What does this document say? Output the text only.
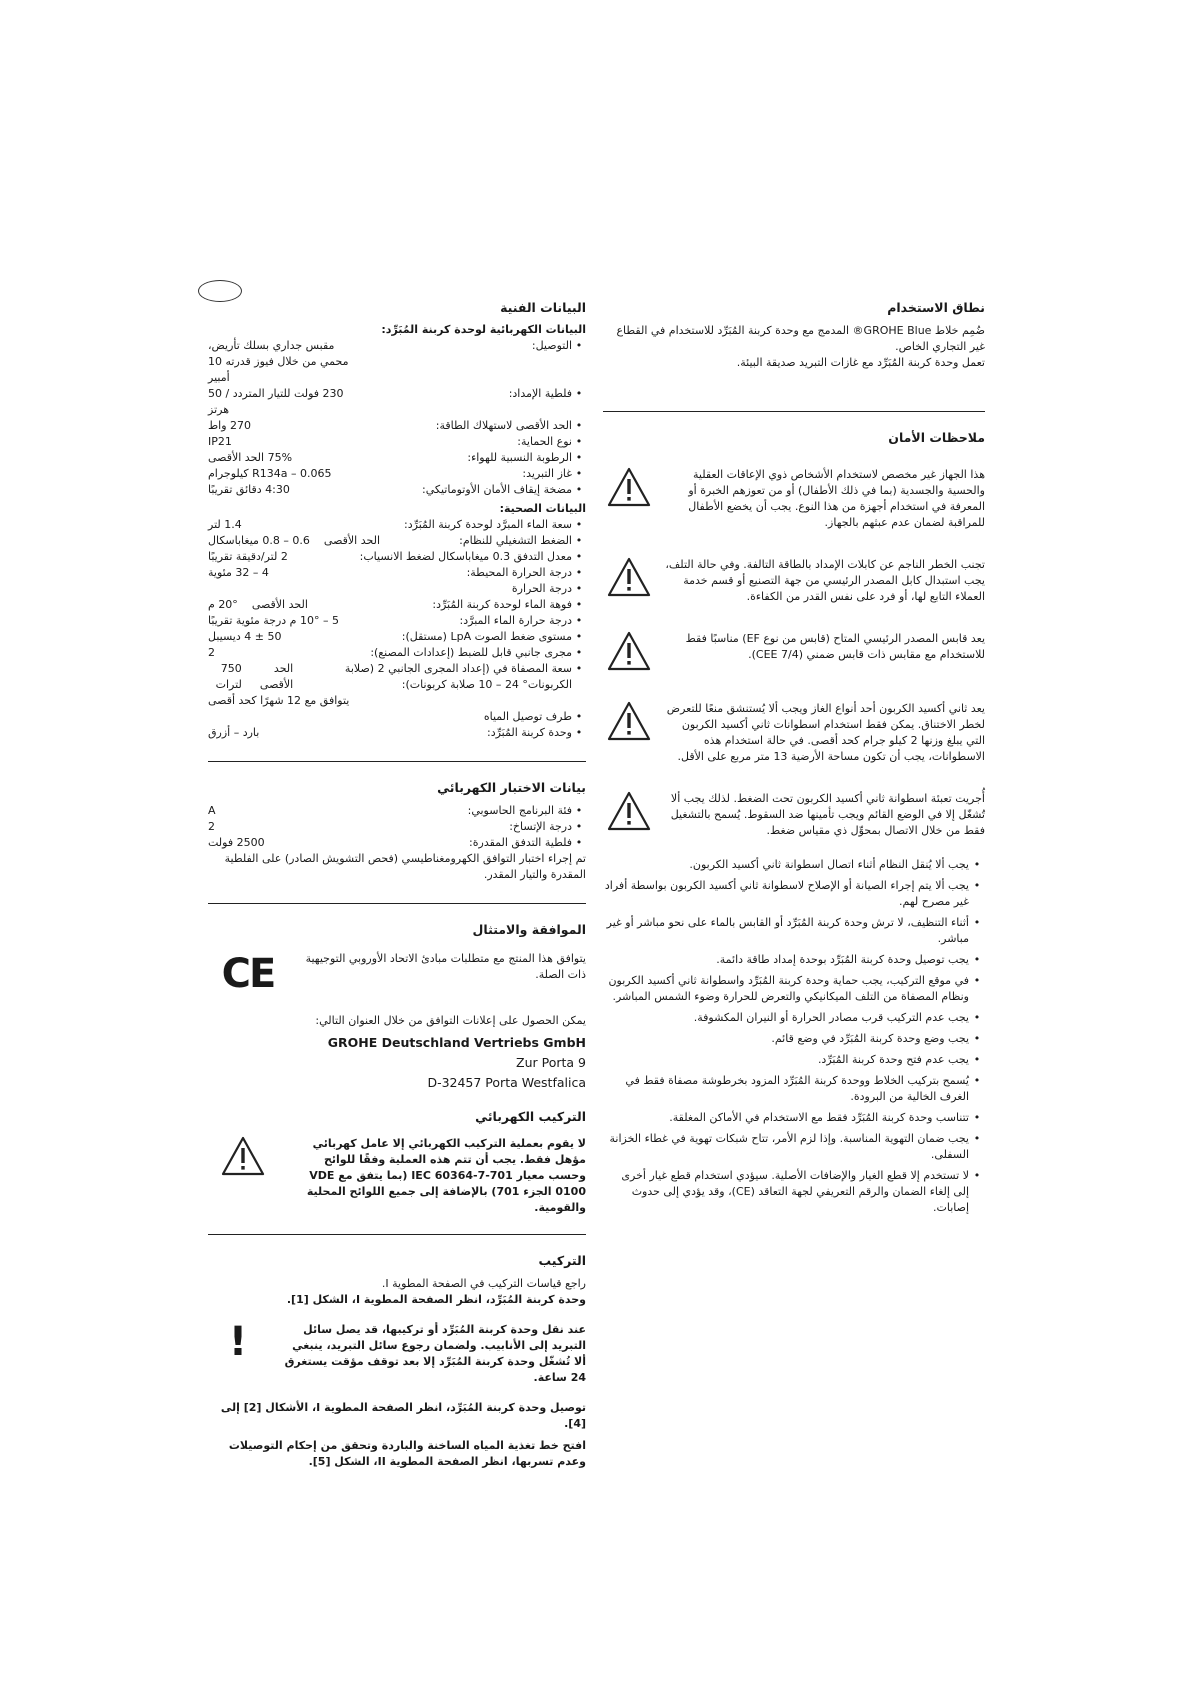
نطاق الاستخدام

ضُمِم خلاط GROHE Blue® المدمج مع وحدة كربنة المُبَرِّد للاستخدام في القطاع غير التجاري الخاص.

تعمل وحدة كربنة المُبَرِّد مع غازات التبريد صديقة البيئة.

ملاحظات الأمان
هذا الجهاز غير مخصص لاستخدام الأشخاص ذوي الإعاقات العقلية والحسية والجسدية (بما في ذلك الأطفال) أو من تعوزهم الخبرة أو المعرفة في استخدام أجهزة من هذا النوع. يجب أن يخضع الأطفال للمراقبة لضمان عدم عبثهم بالجهاز.
تجنب الخطر الناجم عن كابلات الإمداد بالطاقة التالفة. وفي حالة التلف، يجب استبدال كابل المصدر الرئيسي من جهة التصنيع أو قسم خدمة العملاء التابع لها، أو فرد على نفس القدر من الكفاءة.
يعد قابس المصدر الرئيسي المتاح (قابس من نوع EF) مناسبًا فقط للاستخدام مع مقابس ذات قابس ضمني (CEE 7/4).
يعد ثاني أكسيد الكربون أحد أنواع الغاز ويجب ألا يُستنشق منعًا للتعرض لخطر الاختناق. يمكن فقط استخدام اسطوانات ثاني أكسيد الكربون التي يبلغ وزنها 2 كيلو جرام كحد أقصى. في حالة استخدام هذه الاسطوانات، يجب أن تكون مساحة الأرضية 13 متر مربع على الأقل.
أُجريت تعبئة اسطوانة ثاني أكسيد الكربون تحت الضغط. لذلك يجب ألا تُشغّل إلا في الوضع القائم ويجب تأمينها ضد السقوط. يُسمح بالتشغيل فقط من خلال الاتصال بمحوِّل ذي مقياس ضغط.
•
يجب ألا يُنقل النظام أثناء اتصال اسطوانة ثاني أكسيد الكربون.
•
يجب ألا يتم إجراء الصيانة أو الإصلاح لاسطوانة ثاني أكسيد الكربون بواسطة أفراد غير مصرح لهم.
•
أثناء التنظيف، لا ترش وحدة كربنة المُبَرِّد أو القابس بالماء على نحو مباشر أو غير مباشر.
•
يجب توصيل وحدة كربنة المُبَرِّد بوحدة إمداد طاقة دائمة.
•
في موقع التركيب، يجب حماية وحدة كربنة المُبَرِّد واسطوانة ثاني أكسيد الكربون ونظام المصفاة من التلف الميكانيكي والتعرض للحرارة وضوء الشمس المباشر.
•
يجب عدم التركيب قرب مصادر الحرارة أو النيران المكشوفة.
•
يجب وضع وحدة كربنة المُبَرِّد في وضع قائم.
•
يجب عدم فتح وحدة كربنة المُبَرِّد.
•
يُسمح بتركيب الخلاط ووحدة كربنة المُبَرِّد المزود بخرطوشة مصفاة فقط في الغرف الخالية من البرودة.
•
تتناسب وحدة كربنة المُبَرِّد فقط مع الاستخدام في الأماكن المغلقة.
•
يجب ضمان التهوية المناسبة. وإذا لزم الأمر، تتاح شبكات تهوية في غطاء الخزانة السفلى.
•
لا تستخدم إلا قطع الغيار والإضافات الأصلية. سيؤدي استخدام قطع غيار أخرى إلى إلغاء الضمان والرقم التعريفي لجهة التعاقد (CE)، وقد يؤدي إلى حدوث إصابات.
البيانات الفنية
البيانات الكهربائية لوحدة كربنة المُبَرِّد:
•
التوصيل:
مقبس جداري بسلك تأريض، محمي من خلال فيوز قدرته 10 أمبير
•
فلطية الإمداد:
230 فولت للتيار المتردد / 50 هرتز
•
الحد الأقصى لاستهلاك الطاقة:
270 واط
•
نوع الحماية:
IP21
•
الرطوبة النسبية للهواء:
75% الحد الأقصى
•
غاز التبريد:
R134a – 0.065 كيلوجرام
•
مضخة إيقاف الأمان الأوتوماتيكي:
4:30 دقائق تقريبًا
البيانات الصحية:
•
سعة الماء المبرَّد لوحدة كربنة المُبَرِّد:
1.4 لتر
•
الضغط التشغيلي للنظام:
الحد الأقصى
0.6 – 0.8 ميغاباسكال
•
معدل التدفق 0.3 ميغاباسكال لضغط الانسياب:
2 لتر/دقيقة تقريبًا
•
درجة الحرارة المحيطة:
4 – 32 مئوية
•
درجة الحرارة
•
فوهة الماء لوحدة كربنة المُبَرِّد:
الحد الأقصى
20° م
•
درجة حرارة الماء المبرَّد:
5 – 10° م درجة مئوية تقريبًا
•
مستوى ضغط الصوت LpA (مستقل):
50 ± 4 ديسيبل
•
مجرى جانبي قابل للضبط (إعدادات المصنع):
2
•
سعة المصفاة في (إعداد المجرى الجانبي 2 (صلابة الكربونات° 24 – 10 صلابة كربونات):
الحد الأقصى
750 لترات
يتوافق مع 12 شهرًا كحد أقصى
•
طرف توصيل المياه
•
وحدة كربنة المُبَرِّد:
بارد – أزرق
بيانات الاختبار الكهربائي
•
فئة البرنامج الحاسوبي:
A
•
درجة الإتساخ:
2
•
فلطية التدفق المقدرة:
2500 فولت

تم إجراء اختبار التوافق الكهرومغناطيسي (فحص التشويش الصادر) على الفلطية المقدرة والتيار المقدر.

الموافقة والامتثال
يتوافق هذا المنتج مع متطلبات مبادئ الاتحاد الأوروبي التوجيهية ذات الصلة.
CE

يمكن الحصول على إعلانات التوافق من خلال العنوان التالي:

GROHE Deutschland Vertriebs GmbH
Zur Porta 9
D-32457 Porta Westfalica
التركيب الكهربائي
لا يقوم بعملية التركيب الكهربائي إلا عامل كهربائي مؤهل فقط. يجب أن تتم هذه العملية وفقًا للوائح وحسب معيار IEC 60364-7-701 (بما يتفق مع VDE 0100 الجزء 701) بالإضافة إلى جميع اللوائح المحلية والقومية.
التركيب

راجع قياسات التركيب في الصفحة المطوية I.

وحدة كربنة المُبَرِّد، انظر الصفحة المطوية I، الشكل [1].

عند نقل وحدة كربنة المُبَرِّد أو تركيبها، قد يصل سائل التبريد إلى الأنابيب. ولضمان رجوع سائل التبريد، ينبغي ألا تُشغّل وحدة كربنة المُبَرِّد إلا بعد توقف مؤقت يستغرق 24 ساعة.
!

توصيل وحدة كربنة المُبَرِّد، انظر الصفحة المطوية I، الأشكال [2] إلى [4].

افتح خط تغذية المياه الساخنة والباردة وتحقق من إحكام التوصيلات وعدم تسربها، انظر الصفحة المطوية II، الشكل [5].
